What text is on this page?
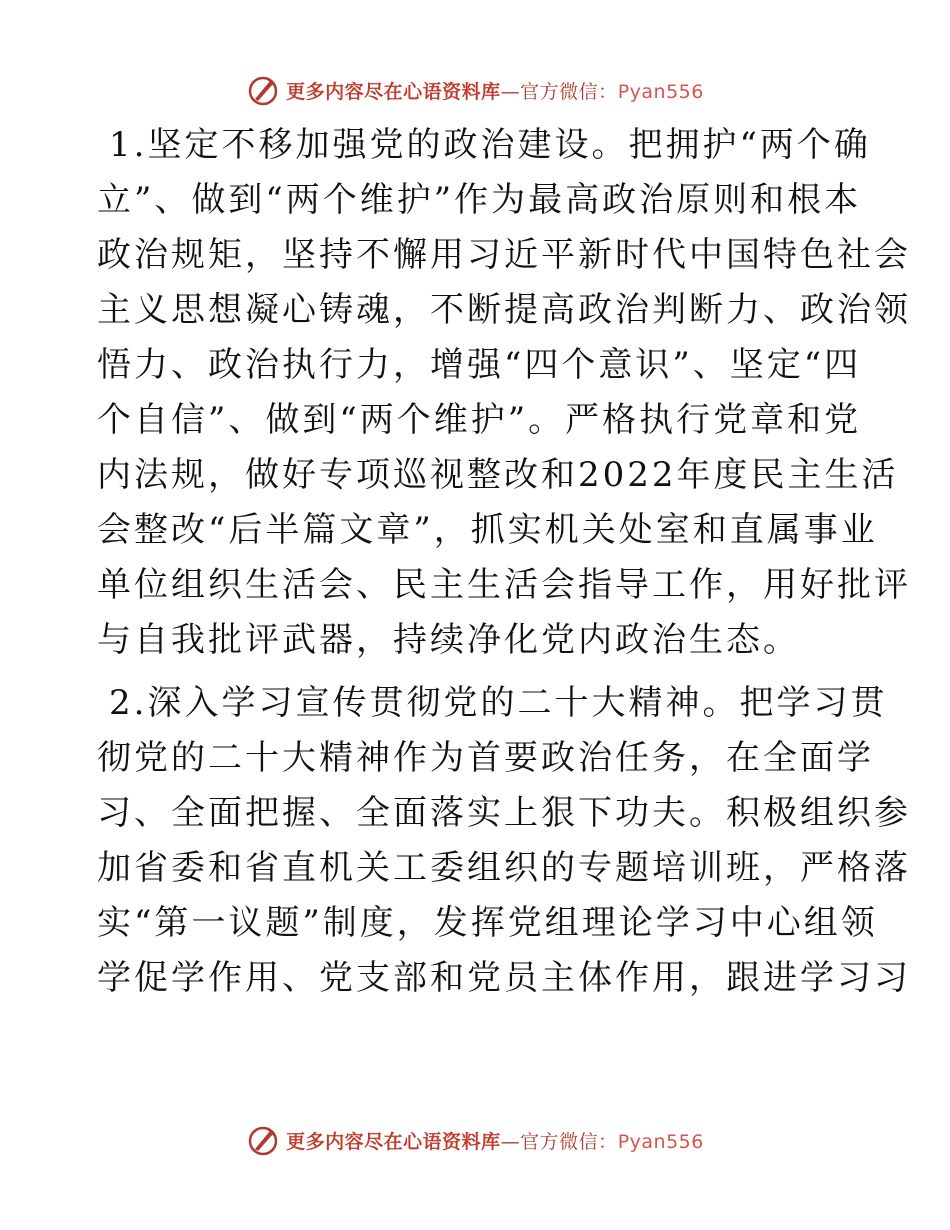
更多内容尽在心语资料库—官方微信：Pyan556
1.坚定不移加强党的政治建设。把拥护“两个确
立”、做到“两个维护”作为最高政治原则和根本
政治规矩，坚持不懈用习近平新时代中国特色社会
主义思想凝心铸魂，不断提高政治判断力、政治领
悟力、政治执行力，增强“四个意识”、坚定“四
个自信”、做到“两个维护”。严格执行党章和党
内法规，做好专项巡视整改和2022年度民主生活
会整改“后半篇文章”，抓实机关处室和直属事业
单位组织生活会、民主生活会指导工作，用好批评
与自我批评武器，持续净化党内政治生态。
2.深入学习宣传贯彻党的二十大精神。把学习贯
彻党的二十大精神作为首要政治任务，在全面学
习、全面把握、全面落实上狠下功夫。积极组织参
加省委和省直机关工委组织的专题培训班，严格落
实“第一议题”制度，发挥党组理论学习中心组领
学促学作用、党支部和党员主体作用，跟进学习习
更多内容尽在心语资料库—官方微信：Pyan556
